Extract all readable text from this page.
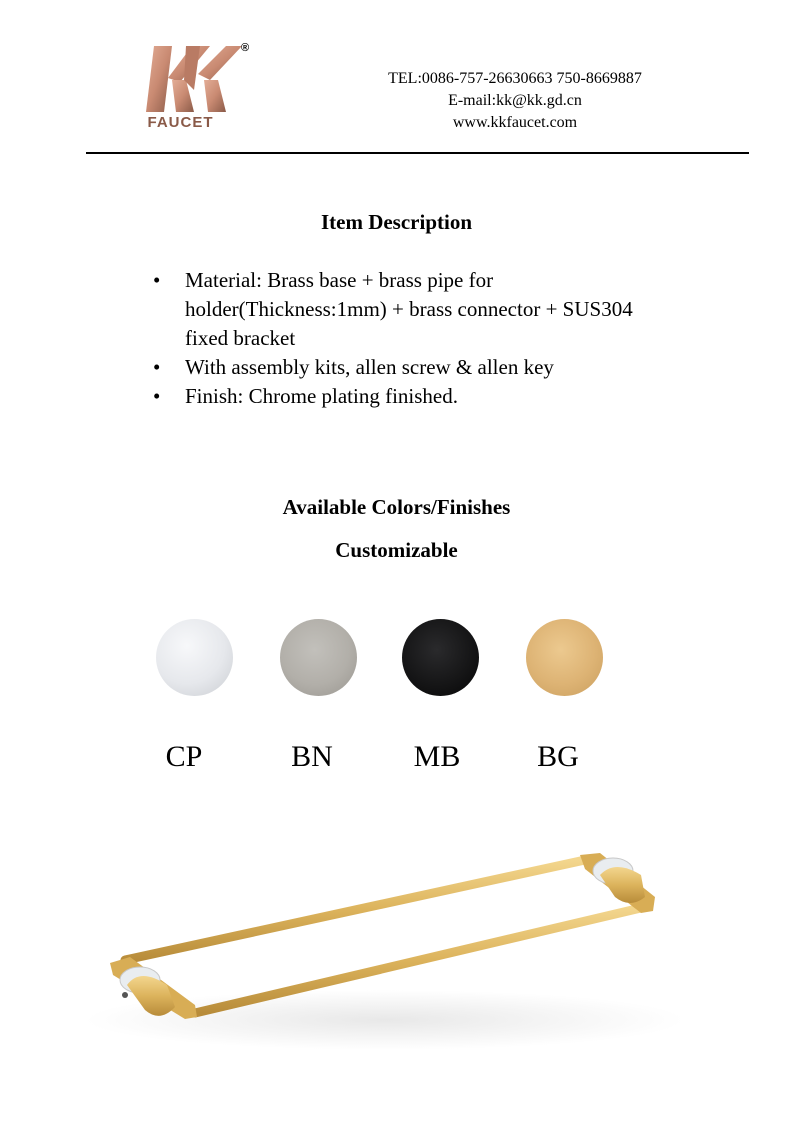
®
FAUCET
TEL:0086-757-26630663 750-8669887
E-mail:kk@kk.gd.cn
www.kkfaucet.com
Item Description
•	Material: Brass base + brass pipe for holder(Thickness:1mm) + brass connector + SUS304 fixed bracket
•	With assembly kits, allen screw & allen key
•	Finish: Chrome plating finished.
Available Colors/Finishes
Customizable
CP	BN	MB	BG
